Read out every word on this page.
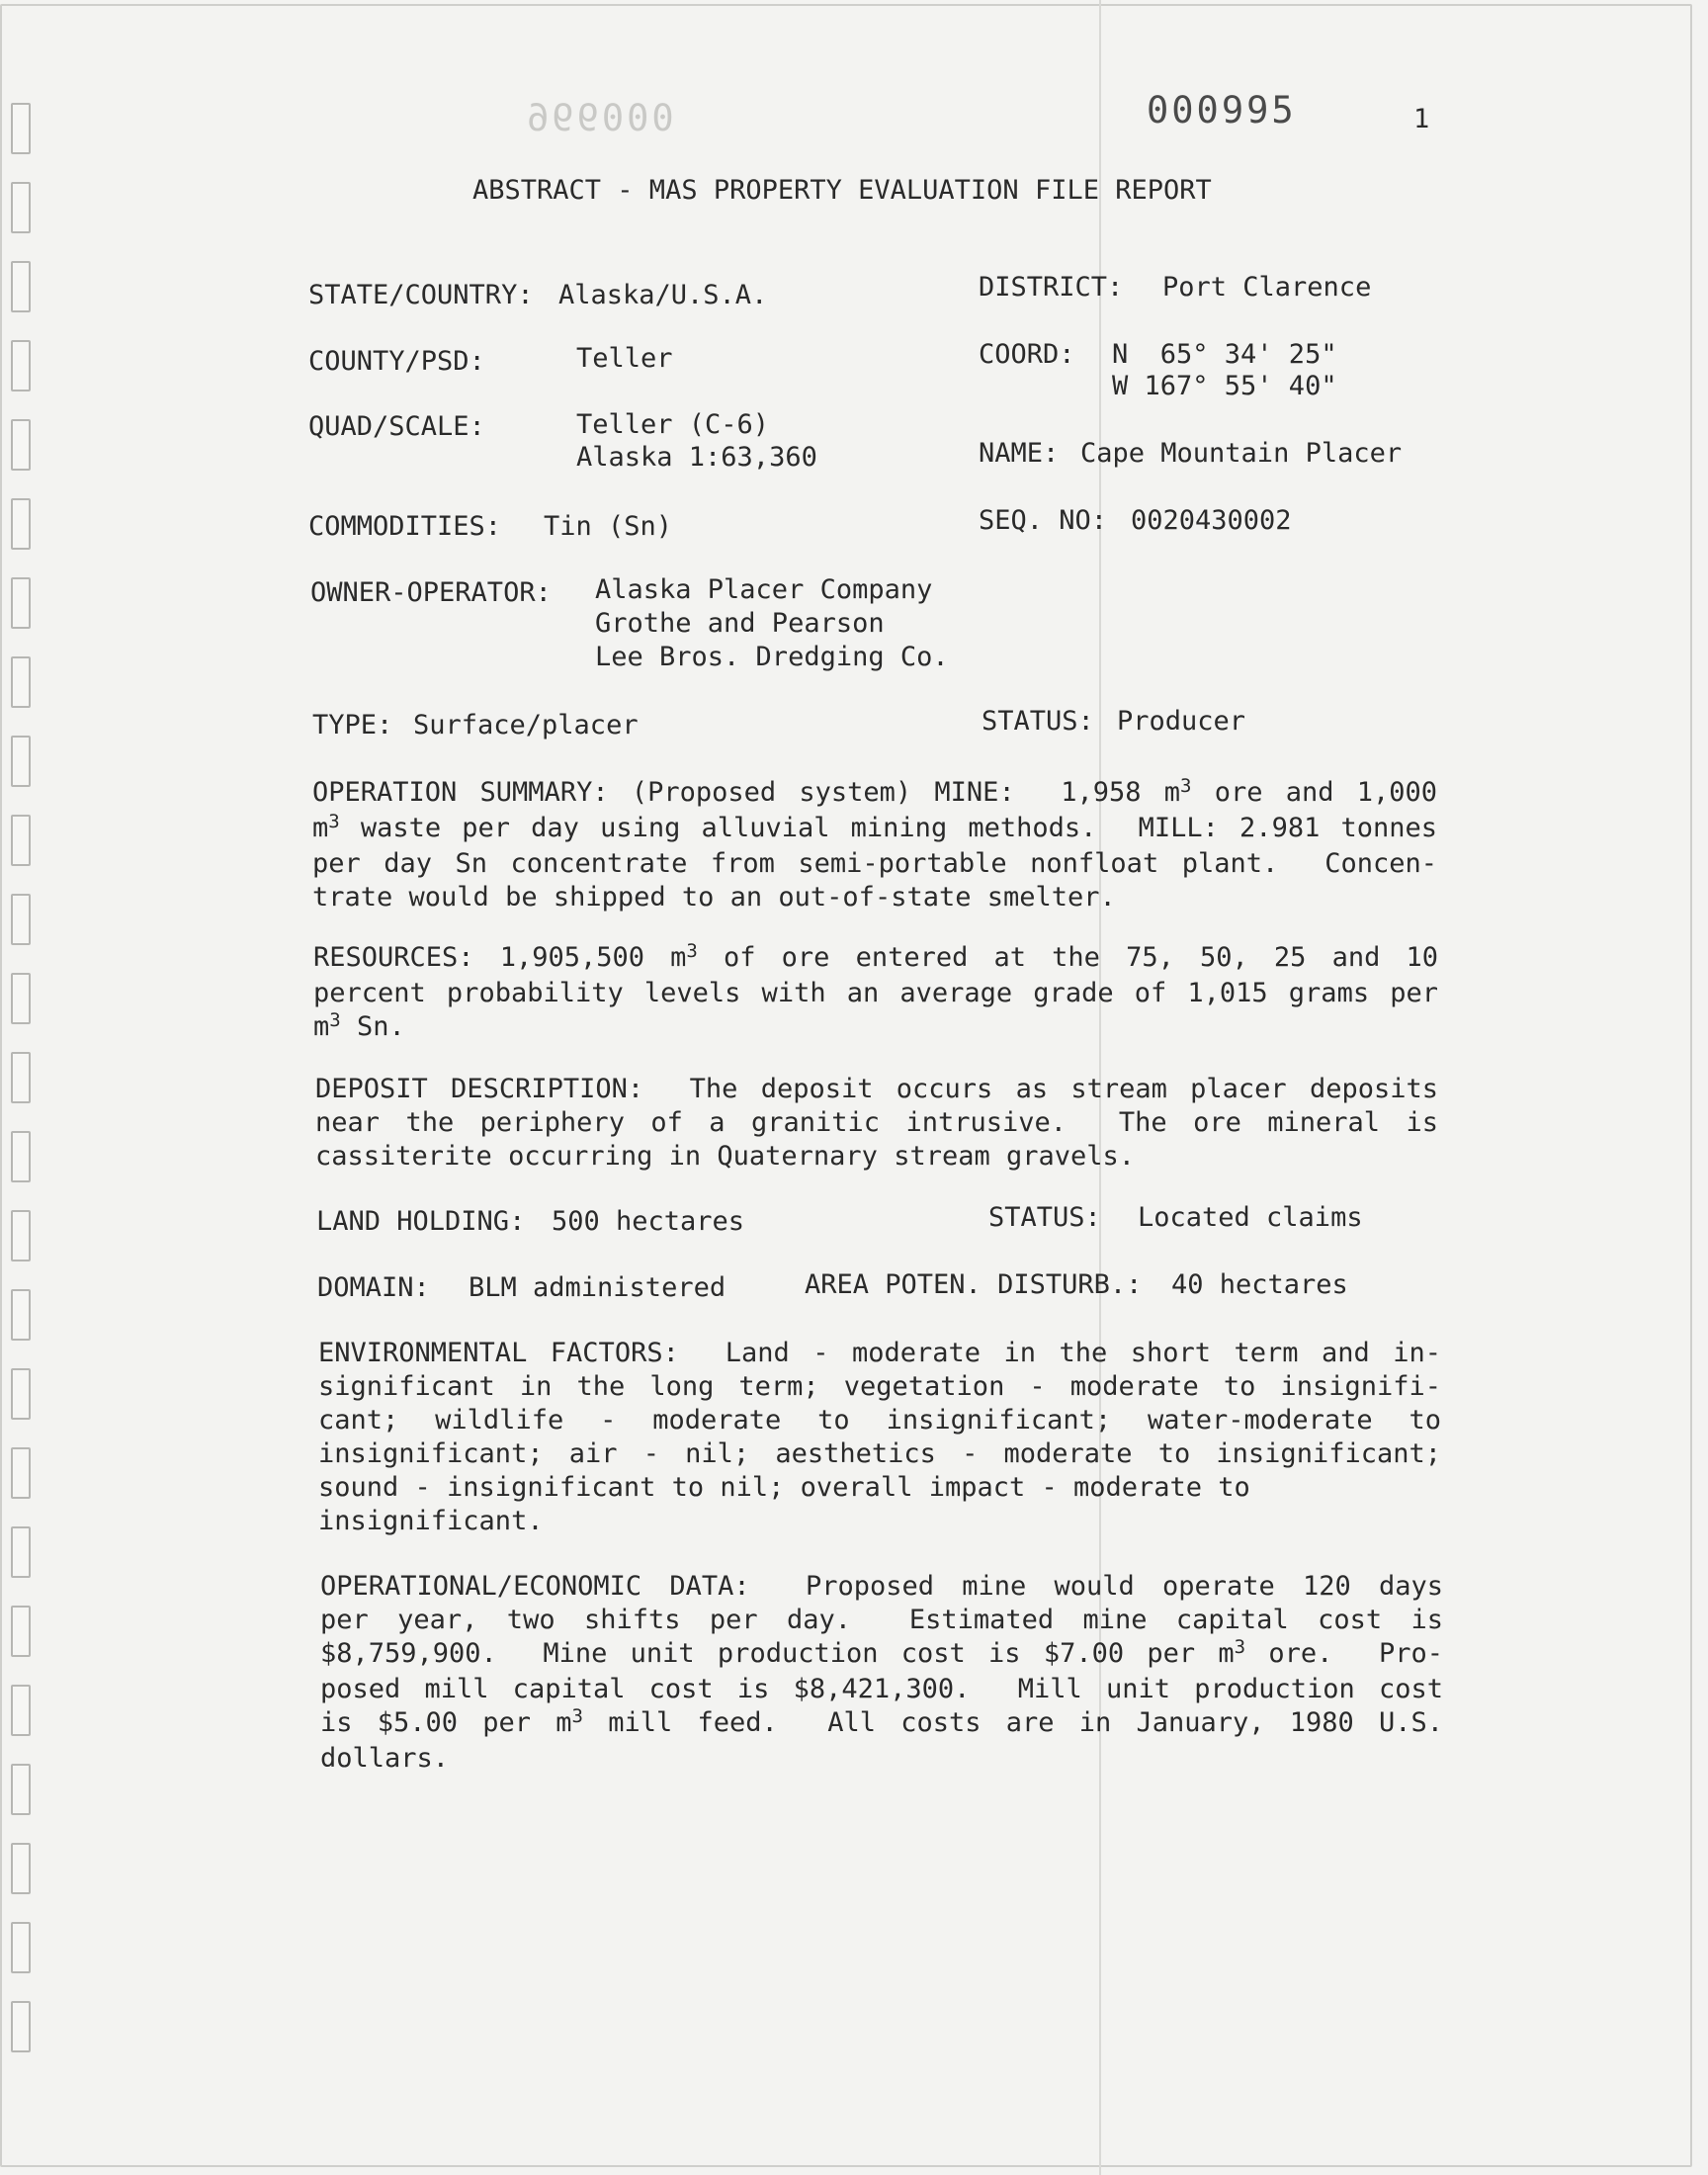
000996	000995	1
ABSTRACT - MAS PROPERTY EVALUATION FILE REPORT
STATE/COUNTRY: Alaska/U.S.A.	DISTRICT: Port Clarence
COUNTY/PSD:	Teller	COORD: N  65° 34' 25"
W 167° 55' 40"
QUAD/SCALE:	Teller (C-6)
Alaska 1:63,360	NAME: Cape Mountain Placer
COMMODITIES: Tin (Sn)	SEQ. NO: 0020430002
OWNER-OPERATOR: Alaska Placer Company
Grothe and Pearson
Lee Bros. Dredging Co.
TYPE: Surface/placer	STATUS: Producer
OPERATION SUMMARY: (Proposed system) MINE:  1,958 $m^3$ ore and 1,000
$m^3$ waste per day using alluvial mining methods.  MILL: 2.981 tonnes
per day Sn concentrate from semi-portable nonfloat plant.  Concen-
trate would be shipped to an out-of-state smelter.
RESOURCES: 1,905,500 $m^3$ of ore entered at the 75, 50, 25 and 10
percent probability levels with an average grade of 1,015 grams per
$m^3$ Sn.
DEPOSIT DESCRIPTION:  The deposit occurs as stream placer deposits
near the periphery of a granitic intrusive.  The ore mineral is
cassiterite occurring in Quaternary stream gravels.
LAND HOLDING: 500 hectares	STATUS: Located claims
DOMAIN: BLM administered	AREA POTEN. DISTURB.: 40 hectares
ENVIRONMENTAL FACTORS:  Land - moderate in the short term and in-
significant in the long term; vegetation - moderate to insignifi-
cant; wildlife - moderate to insignificant; water-moderate to
insignificant; air - nil; aesthetics - moderate to insignificant;
sound - insignificant to nil; overall impact - moderate to
insignificant.
OPERATIONAL/ECONOMIC DATA:  Proposed mine would operate 120 days
per year, two shifts per day.  Estimated mine capital cost is
$8,759,900.  Mine unit production cost is $7.00 per $m^3$ ore.  Pro-
posed mill capital cost is $8,421,300.  Mill unit production cost
is $5.00 per $m^3$ mill feed.  All costs are in January, 1980 U.S.
dollars.
